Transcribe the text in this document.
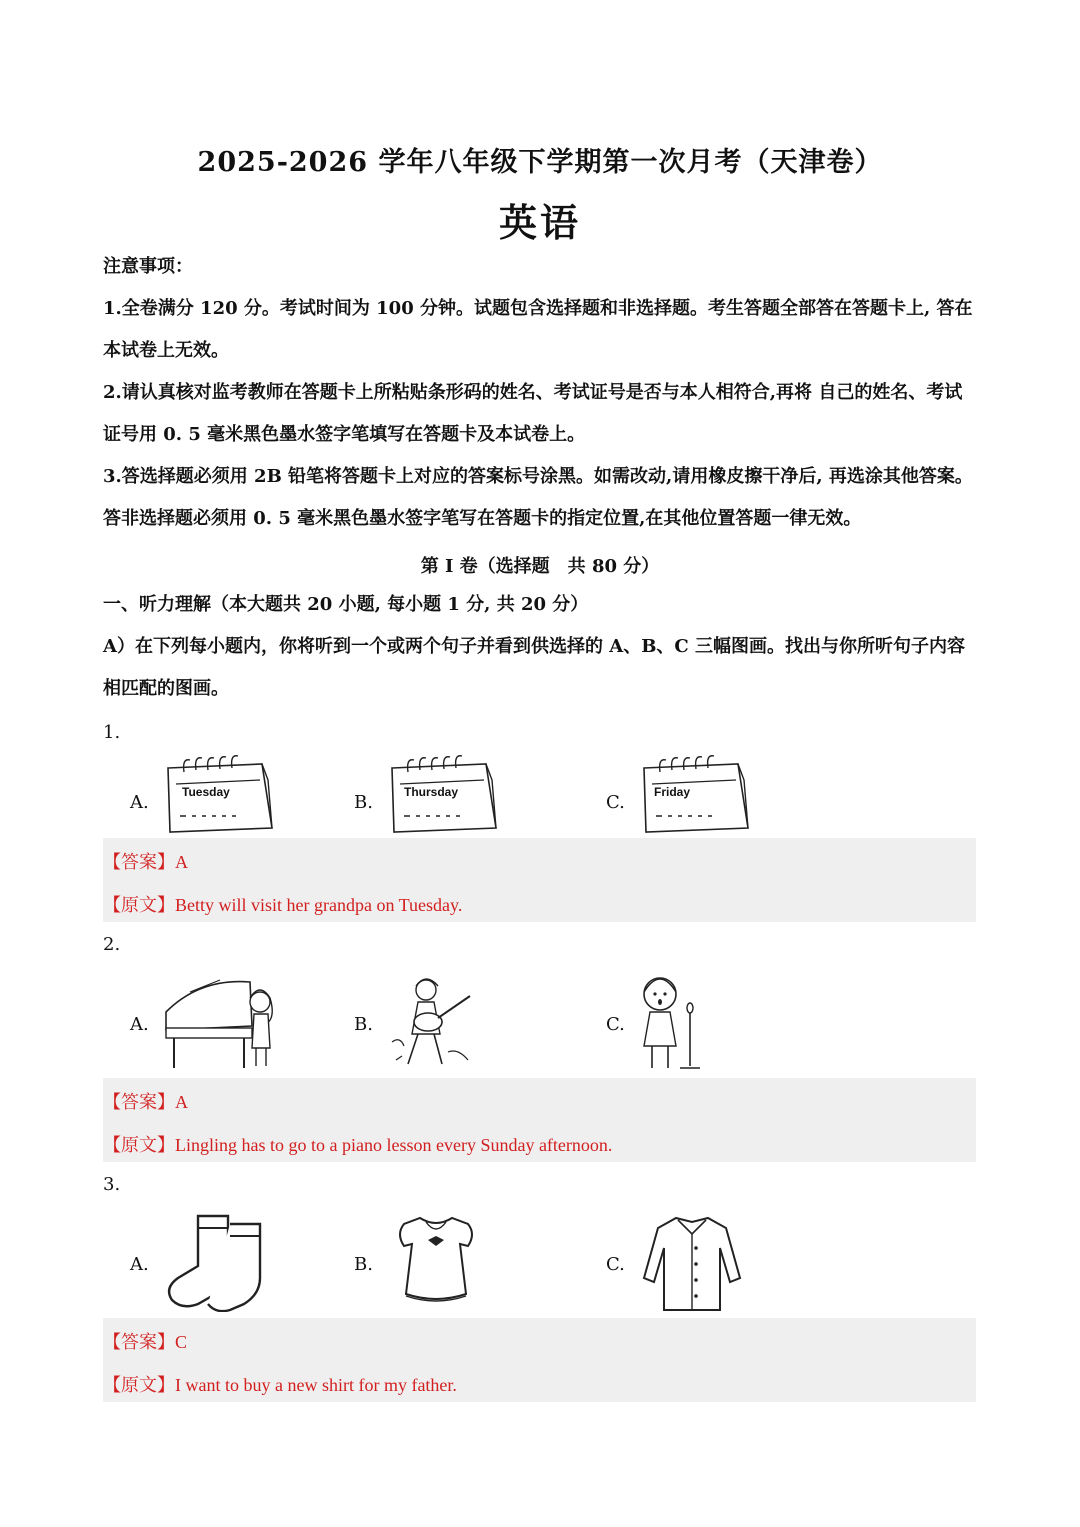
2025-2026 学年八年级下学期第一次月考（天津卷）
英语

注意事项：

1.全卷满分 120 分。考试时间为 100 分钟。试题包含选择题和非选择题。考生答题全部答在答题卡上, 答在本试卷上无效。

2.请认真核对监考教师在答题卡上所粘贴条形码的姓名、考试证号是否与本人相符合,再将 自己的姓名、考试证号用 0. 5 毫米黑色墨水签字笔填写在答题卡及本试卷上。

3.答选择题必须用 2B 铅笔将答题卡上对应的答案标号涂黑。如需改动,请用橡皮擦干净后, 再选涂其他答案。答非选择题必须用 0. 5 毫米黑色墨水签字笔写在答题卡的指定位置,在其他位置答题一律无效。

第 I 卷（选择题　共 80 分）

一、听力理解（本大题共 20 小题, 每小题 1 分, 共 20 分）

A）在下列每小题内，你将听到一个或两个句子并看到供选择的 A、B、C 三幅图画。找出与你所听句子内容相匹配的图画。

1.
A.	Tuesday	B.	Thursday	C. Friday
【答案】A
【原文】Betty will visit her grandpa on Tuesday.
2.
A.	B.	C.
【答案】A
【原文】Lingling has to go to a piano lesson every Sunday afternoon.
3.
A.	B.	C.
【答案】C
【原文】I want to buy a new shirt for my father.
